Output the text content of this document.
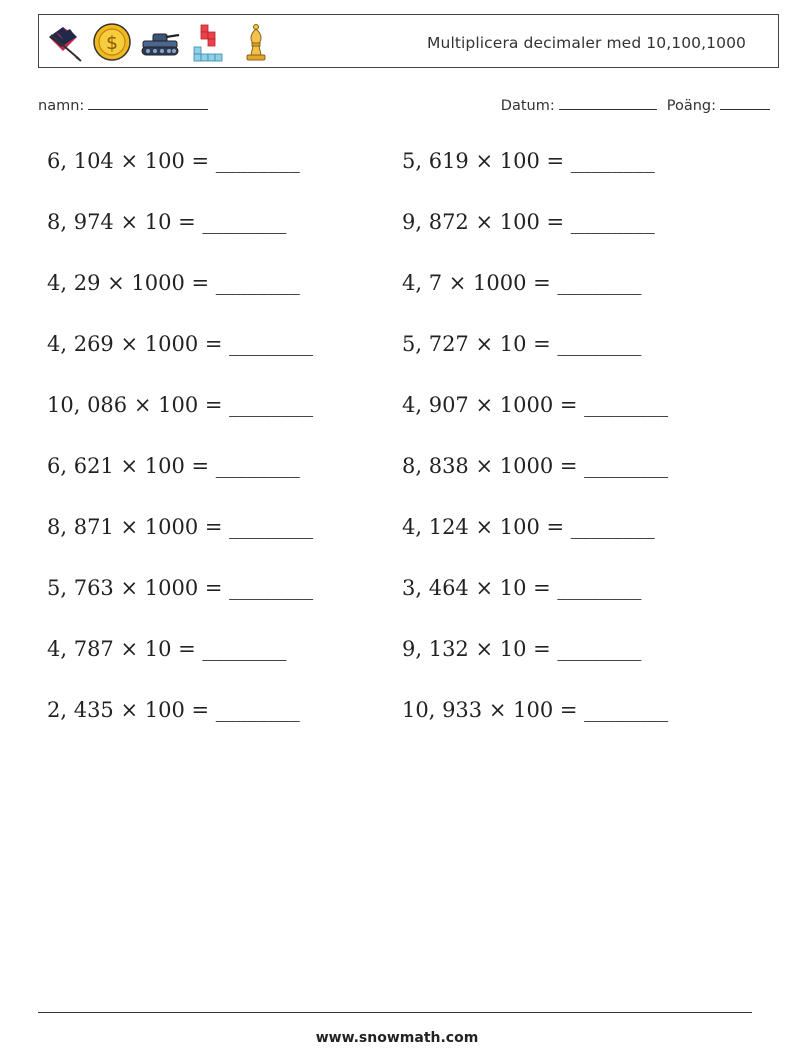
$	Multiplicera decimaler med 10,100,1000
namn:	Datum:	Poäng:
6, 104 × 100 = ________	5, 619 × 100 = ________
8, 974 × 10 = ________	9, 872 × 100 = ________
4, 29 × 1000 = ________	4, 7 × 1000 = ________
4, 269 × 1000 = ________	5, 727 × 10 = ________
10, 086 × 100 = ________	4, 907 × 1000 = ________
6, 621 × 100 = ________	8, 838 × 1000 = ________
8, 871 × 1000 = ________	4, 124 × 100 = ________
5, 763 × 1000 = ________	3, 464 × 10 = ________
4, 787 × 10 = ________	9, 132 × 10 = ________
2, 435 × 100 = ________	10, 933 × 100 = ________
www.snowmath.com
